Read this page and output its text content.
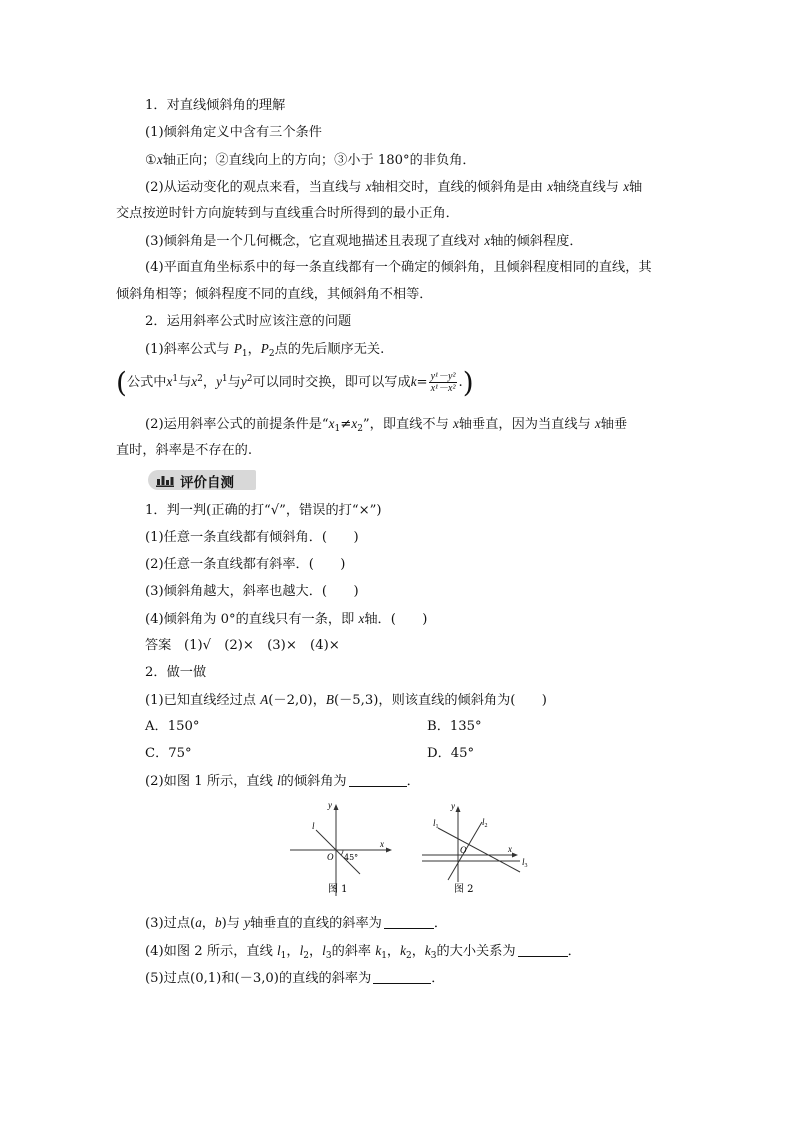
1．对直线倾斜角的理解
(1)倾斜角定义中含有三个条件
①x轴正向；②直线向上的方向；③小于 180°的非负角．
(2)从运动变化的观点来看，当直线与 x轴相交时，直线的倾斜角是由 x轴绕直线与 x轴
交点按逆时针方向旋转到与直线重合时所得到的最小正角．
(3)倾斜角是一个几何概念，它直观地描述且表现了直线对 x轴的倾斜程度．
(4)平面直角坐标系中的每一条直线都有一个确定的倾斜角，且倾斜程度相同的直线，其
倾斜角相等；倾斜程度不同的直线，其倾斜角不相等．
2．运用斜率公式时应该注意的问题
(1)斜率公式与 $P_1$，$P_2$点的先后顺序无关.
(公式中$x^1$与$x^2$，$y^1$与$y^2$可以同时交换，即可以写成$k= \frac{\text{y¹－y²}}{\text{x¹－x²}}$ .)
(2)运用斜率公式的前提条件是“$x_1\ne x_2$”，即直线不与 x轴垂直，因为当直线与 x轴垂
直时，斜率是不存在的.
评价自测
1．判一判(正确的打“√”，错误的打“×”)
(1)任意一条直线都有倾斜角．(　　)
(2)任意一条直线都有斜率．(　　)
(3)倾斜角越大，斜率也越大．(　　)
(4)倾斜角为 0°的直线只有一条，即 x轴．(　　)
答案 (1)√　(2)×　(3)×　(4)×
2．做一做
(1)已知直线经过点 A(－2,0)，B(－5,3)，则该直线的倾斜角为(　　)
A．150°	B．135°
C．75°	D．45°
(2)如图 1 所示，直线 l的倾斜角为	．
y
x
O
l
45°
图 1
y
x
O
$l_1$	$l_2$
$l_3$
图 2
(3)过点(a，b)与 y轴垂直的直线的斜率为	．
(4)如图 2 所示，直线 $l_1$，$l_2$，$l_3$的斜率 $k_1$，$k_2$，$k_3$的大小关系为	．
(5)过点(0,1)和(－3,0)的直线的斜率为	．
